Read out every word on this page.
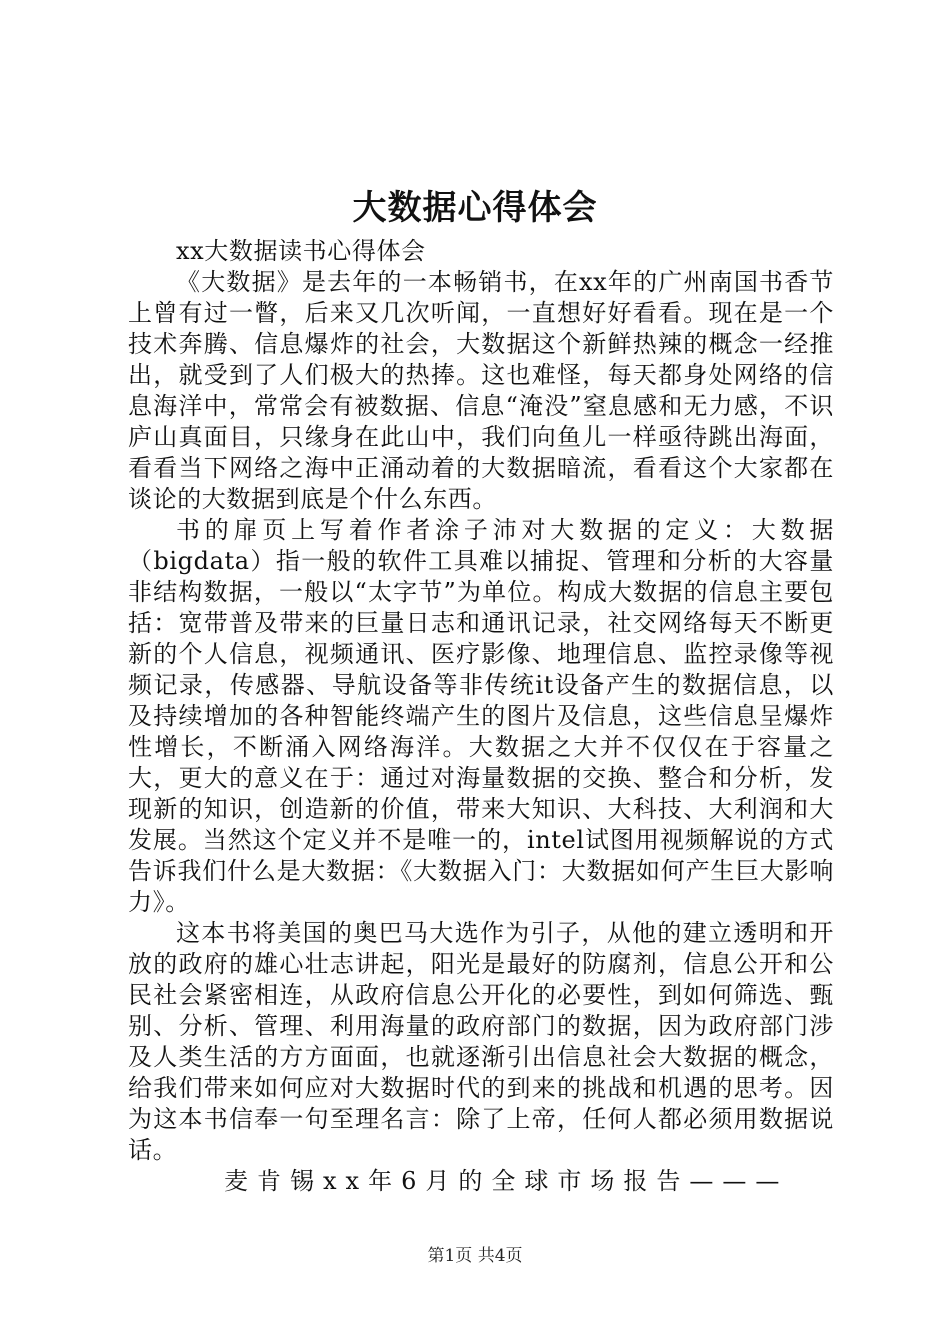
大数据心得体会

xx大数据读书心得体会

《大数据》是去年的一本畅销书，在xx年的广州南国书香节上曾有过一瞥，后来又几次听闻，一直想好好看看。现在是一个技术奔腾、信息爆炸的社会，大数据这个新鲜热辣的概念一经推出，就受到了人们极大的热捧。这也难怪，每天都身处网络的信息海洋中，常常会有被数据、信息“淹没”窒息感和无力感，不识庐山真面目，只缘身在此山中，我们向鱼儿一样亟待跳出海面，看看当下网络之海中正涌动着的大数据暗流，看看这个大家都在谈论的大数据到底是个什么东西。

书的扉页上写着作者涂子沛对大数据的定义：大数据（bigdata）指一般的软件工具难以捕捉、管理和分析的大容量非结构数据，一般以“太字节”为单位。构成大数据的信息主要包括：宽带普及带来的巨量日志和通讯记录，社交网络每天不断更新的个人信息，视频通讯、医疗影像、地理信息、监控录像等视频记录，传感器、导航设备等非传统it设备产生的数据信息，以及持续增加的各种智能终端产生的图片及信息，这些信息呈爆炸性增长，不断涌入网络海洋。大数据之大并不仅仅在于容量之大，更大的意义在于：通过对海量数据的交换、整合和分析，发现新的知识，创造新的价值，带来大知识、大科技、大利润和大发展。当然这个定义并不是唯一的，intel试图用视频解说的方式告诉我们什么是大数据：《大数据入门：大数据如何产生巨大影响力》。

这本书将美国的奥巴马大选作为引子，从他的建立透明和开放的政府的雄心壮志讲起，阳光是最好的防腐剂，信息公开和公民社会紧密相连，从政府信息公开化的必要性，到如何筛选、甄别、分析、管理、利用海量的政府部门的数据，因为政府部门涉及人类生活的方方面面，也就逐渐引出信息社会大数据的概念，给我们带来如何应对大数据时代的到来的挑战和机遇的思考。因为这本书信奉一句至理名言：除了上帝，任何人都必须用数据说话。

麦肯锡xx年6月的全球市场报告———

第1页 共4页
